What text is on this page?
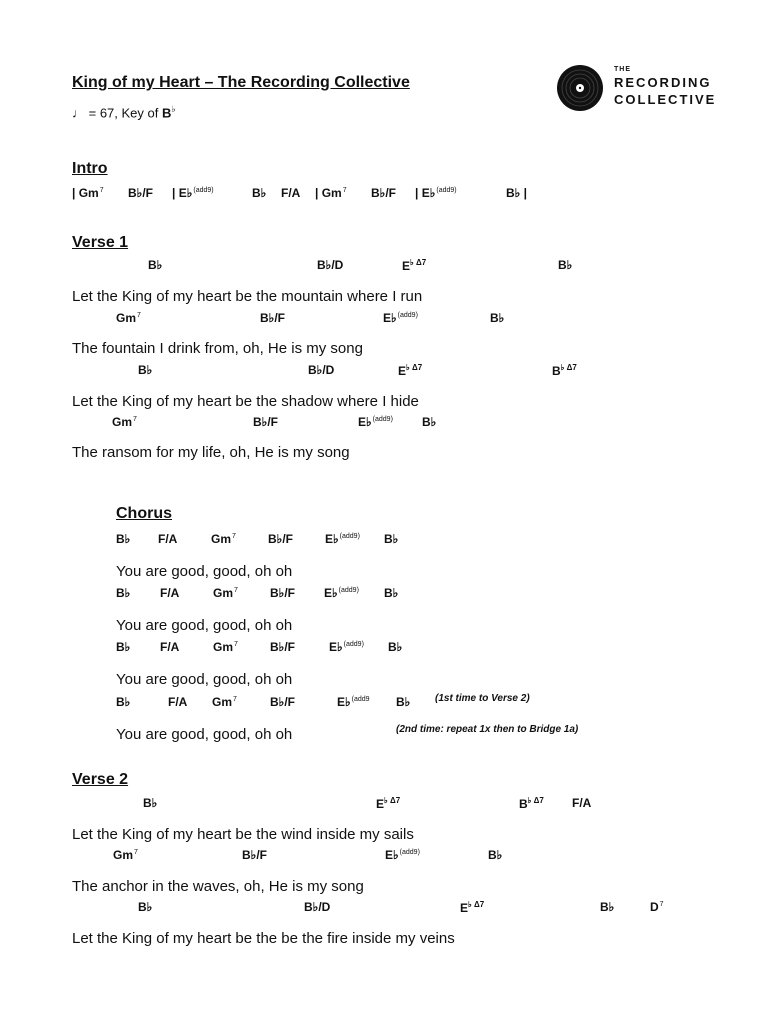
King of my Heart – The Recording Collective
♩ = 67, Key of B♭
THE
RECORDING
COLLECTIVE
Intro
| Gm$^7$ B♭/F | E♭$^{(add9)}$	B♭ F/A | Gm$^7$ B♭/F | E♭$^{(add9)}$	B♭ |
Verse 1
B♭	B♭/D	$E^{♭ \Delta 7}$	B♭
Let the King of my heart be the mountain where I run
Gm$^7$	B♭/F	E♭$^{(add9)}$	B♭
The fountain I drink from, oh, He is my song
B♭	B♭/D	$E^{♭ \Delta 7}$	$B^{♭ \Delta 7}$
Let the King of my heart be the shadow where I hide
Gm$^7$	B♭/F	E♭$^{(add9)}$ B♭
The ransom for my life, oh, He is my song
Chorus
B♭ F/A	Gm$^7$	B♭/F	E♭$^{(add9)}$ B♭
You are good, good, oh oh
B♭ F/A	Gm$^7$	B♭/F E♭$^{(add9)}$ B♭
You are good, good, oh oh
B♭ F/A	Gm$^7$	B♭/F	E♭$^{(add9)}$ B♭
You are good, good, oh oh
B♭	F/A Gm$^7$	B♭/F	E♭$^{(add9}$ B♭ (1st time to Verse 2)
You are good, good, oh oh	(2nd time: repeat 1x then to Bridge 1a)
Verse 2
B♭	$E^{♭ \Delta 7}$	$B^{♭ \Delta 7}$ F/A
Let the King of my heart be the wind inside my sails
Gm$^7$	B♭/F	E♭$^{(add9)}$	B♭
The anchor in the waves, oh, He is my song
B♭	B♭/D	$E^{♭ \Delta 7}$	B♭	$D^7$
Let the King of my heart be the be the fire inside my veins
